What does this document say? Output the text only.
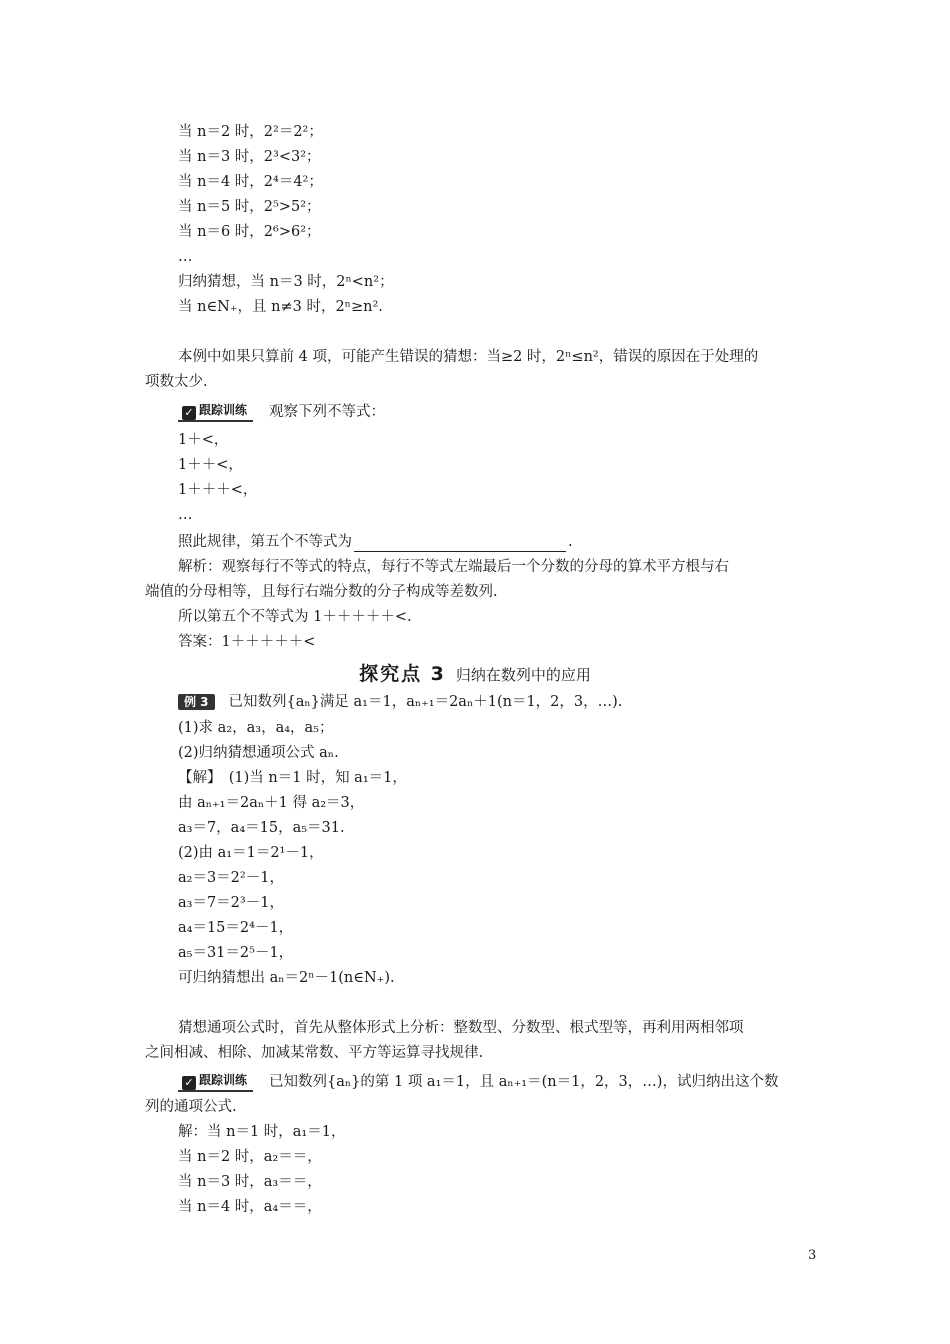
当 n＝2 时，2²＝2²；
当 n＝3 时，2³<3²；
当 n＝4 时，2⁴＝4²；
当 n＝5 时，2⁵>5²；
当 n＝6 时，2⁶>6²；
…
归纳猜想，当 n＝3 时，2ⁿ<n²；
当 n∈N₊，且 n≠3 时，2ⁿ≥n².
本例中如果只算前 4 项，可能产生错误的猜想：当≥2 时，2ⁿ≤n²，错误的原因在于处理的
项数太少.
✓ 跟踪训练 观察下列不等式：
1＋<，
1＋＋<，
1＋＋＋<，
…
照此规律，第五个不等式为	.
解析：观察每行不等式的特点，每行不等式左端最后一个分数的分母的算术平方根与右
端值的分母相等，且每行右端分数的分子构成等差数列.
所以第五个不等式为 1＋＋＋＋＋<.
答案：1＋＋＋＋＋<
探究点 3 归纳在数列中的应用
例 3 已知数列{aₙ}满足 a₁＝1，aₙ₊₁＝2aₙ＋1(n＝1，2，3，…).
(1)求 a₂，a₃，a₄，a₅；
(2)归纳猜想通项公式 aₙ.
【解】　(1)当 n＝1 时，知 a₁＝1，
由 aₙ₊₁＝2aₙ＋1 得 a₂＝3，
a₃＝7，a₄＝15，a₅＝31.
(2)由 a₁＝1＝2¹－1，
a₂＝3＝2²－1，
a₃＝7＝2³－1，
a₄＝15＝2⁴－1，
a₅＝31＝2⁵－1，
可归纳猜想出 aₙ＝2ⁿ－1(n∈N₊).
猜想通项公式时，首先从整体形式上分析：整数型、分数型、根式型等，再利用两相邻项
之间相减、相除、加减某常数、平方等运算寻找规律.
✓ 跟踪训练 已知数列{aₙ}的第 1 项 a₁＝1，且 aₙ₊₁＝(n＝1，2，3，…)，试归纳出这个数
列的通项公式.
解：当 n＝1 时，a₁＝1，
当 n＝2 时，a₂＝＝，
当 n＝3 时，a₃＝＝，
当 n＝4 时，a₄＝＝，
3
